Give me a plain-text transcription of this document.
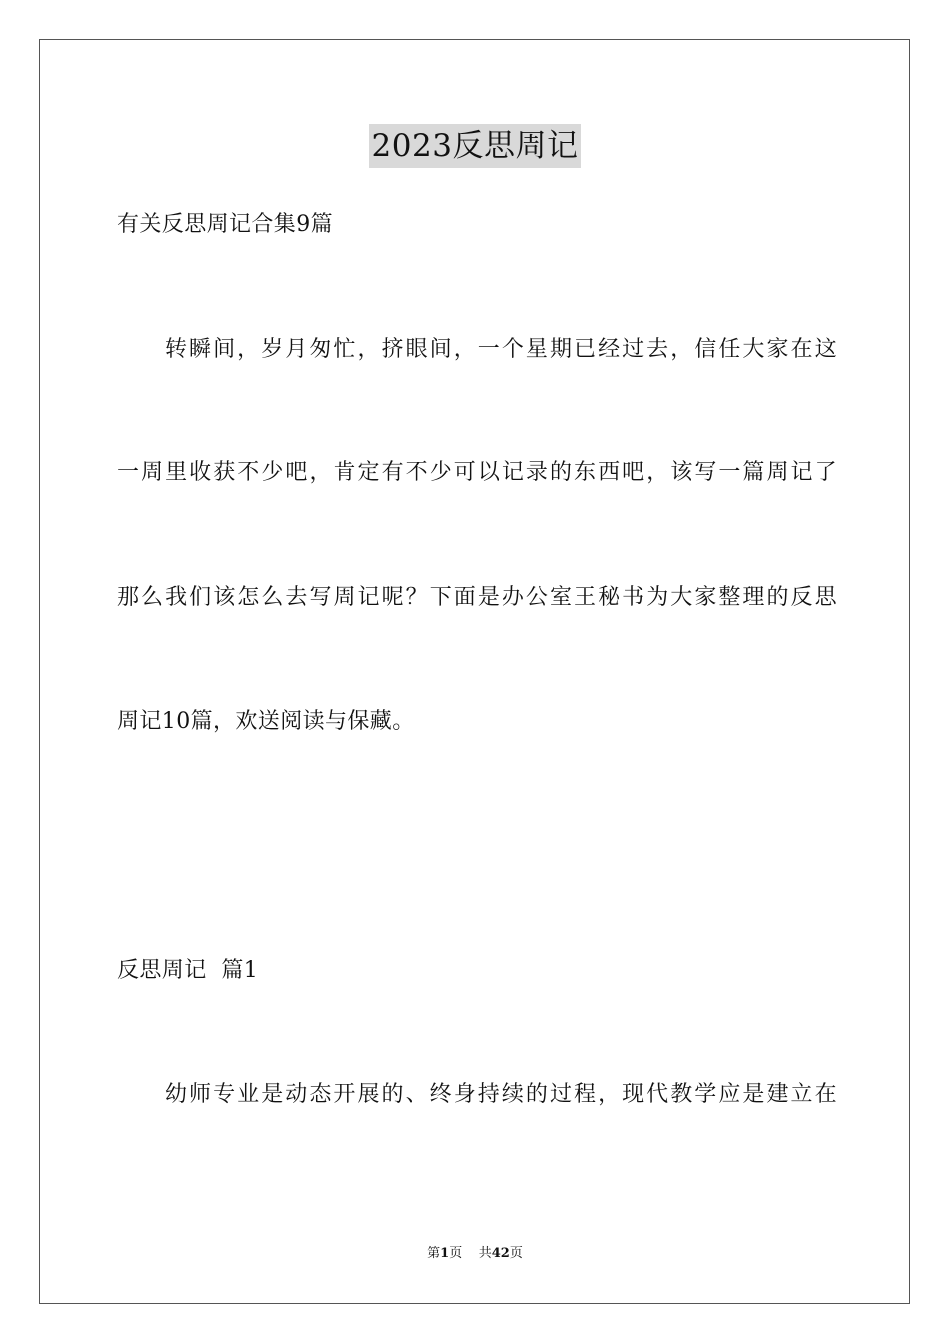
2023反思周记
有关反思周记合集9篇
转瞬间，岁月匆忙，挤眼间，一个星期已经过去，信任大家在这
一周里收获不少吧，肯定有不少可以记录的东西吧，该写一篇周记了
那么我们该怎么去写周记呢？下面是办公室王秘书为大家整理的反思
周记10篇，欢送阅读与保藏。
反思周记  篇1
幼师专业是动态开展的、终身持续的过程，现代教学应是建立在
第1页 共42页
